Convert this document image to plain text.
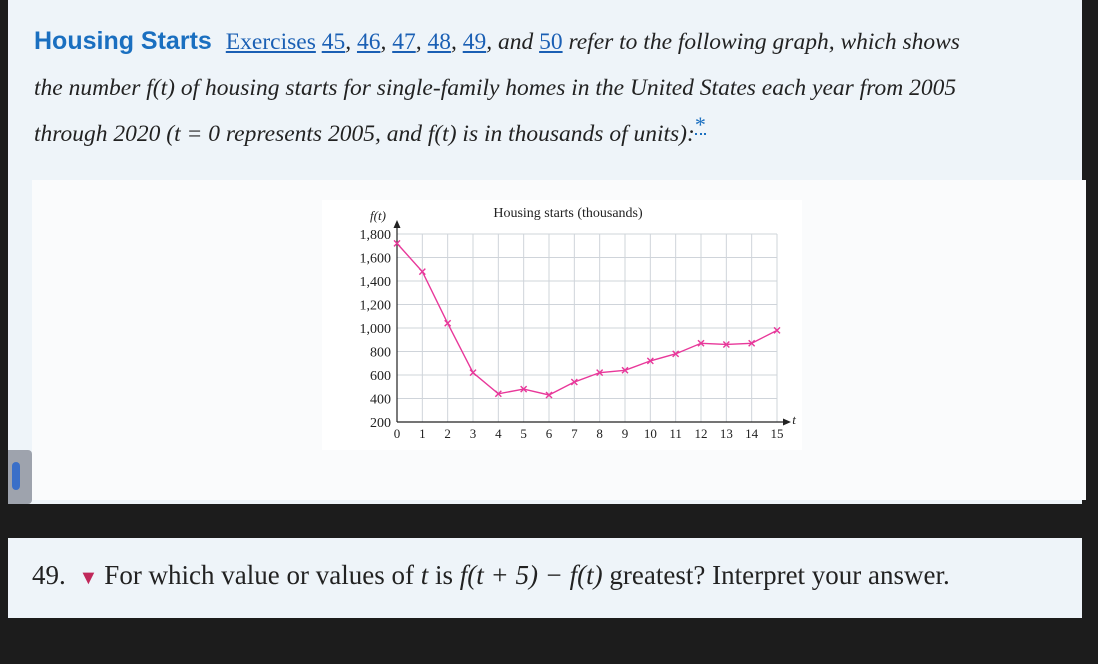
Housing Starts Exercises 45, 46, 47, 48, 49, and 50 refer to the following graph, which shows
the number f(t) of housing starts for single-family homes in the United States each year from 2005
through 2020 (t = 0 represents 2005, and f(t) is in thousands of units):*
Housing starts (thousands)
f(t)
t
200
400
600
800
1,000
1,200
1,400
1,600
1,800
0 1 2 3 4 5 6 7 8 9 10 11 12 13 14 15
49. ▼ For which value or values of t is f(t + 5) − f(t) greatest? Interpret your answer.
